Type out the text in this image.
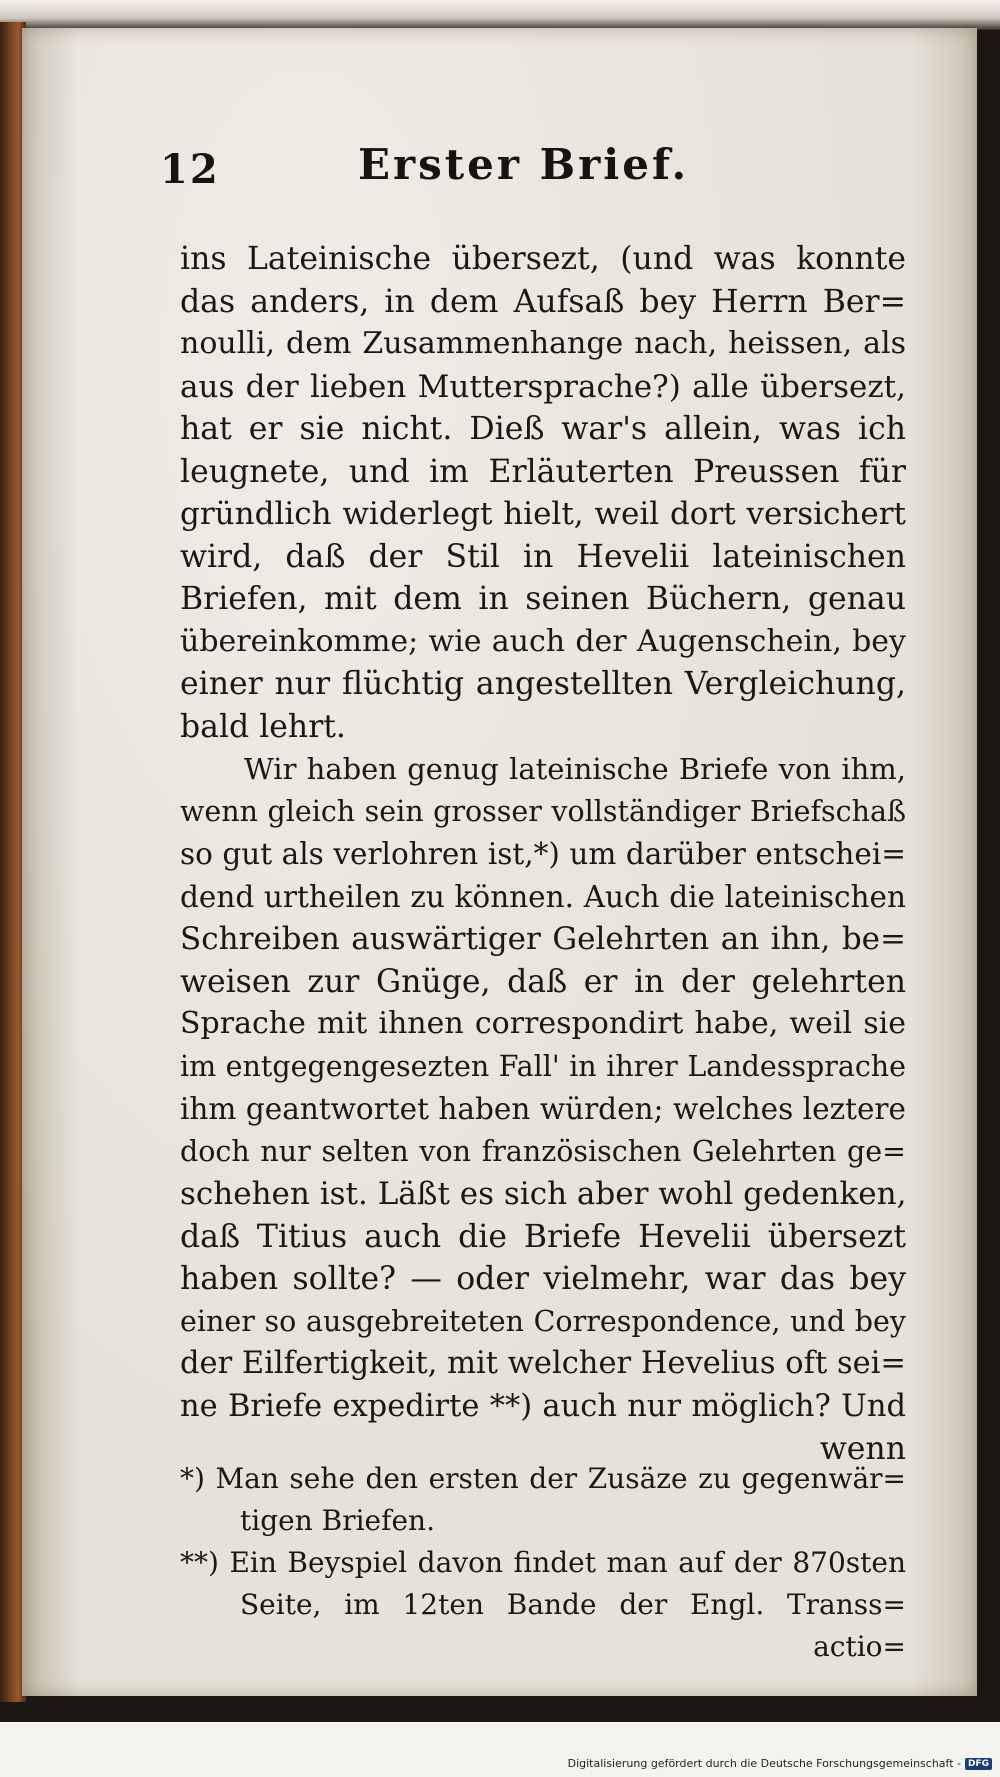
12	Erster Brief.
ins Lateinische übersezt, (und was konnte
das anders, in dem Aufsaß bey Herrn Ber=
noulli, dem Zusammenhange nach, heissen, als
aus der lieben Muttersprache?) alle übersezt,
hat er sie nicht. Dieß war's allein, was ich
leugnete, und im Erläuterten Preussen für
gründlich widerlegt hielt, weil dort versichert
wird, daß der Stil in Hevelii lateinischen
Briefen, mit dem in seinen Büchern, genau
übereinkomme; wie auch der Augenschein, bey
einer nur flüchtig angestellten Vergleichung,
bald lehrt.
Wir haben genug lateinische Briefe von ihm,
wenn gleich sein grosser vollständiger Briefschaß
so gut als verlohren ist,*) um darüber entschei=
dend urtheilen zu können. Auch die lateinischen
Schreiben auswärtiger Gelehrten an ihn, be=
weisen zur Gnüge, daß er in der gelehrten
Sprache mit ihnen correspondirt habe, weil sie
im entgegengesezten Fall' in ihrer Landessprache
ihm geantwortet haben würden; welches leztere
doch nur selten von französischen Gelehrten ge=
schehen ist. Läßt es sich aber wohl gedenken,
daß Titius auch die Briefe Hevelii übersezt
haben sollte? — oder vielmehr, war das bey
einer so ausgebreiteten Correspondence, und bey
der Eilfertigkeit, mit welcher Hevelius oft sei=
ne Briefe expedirte **) auch nur möglich? Und
wenn
*) Man sehe den ersten der Zusäze zu gegenwär=
tigen Briefen.
**) Ein Beyspiel davon findet man auf der 870sten
Seite, im 12ten Bande der Engl. Transs=
actio=
Digitalisierung gefördert durch die Deutsche Forschungsgemeinschaft - DFG
